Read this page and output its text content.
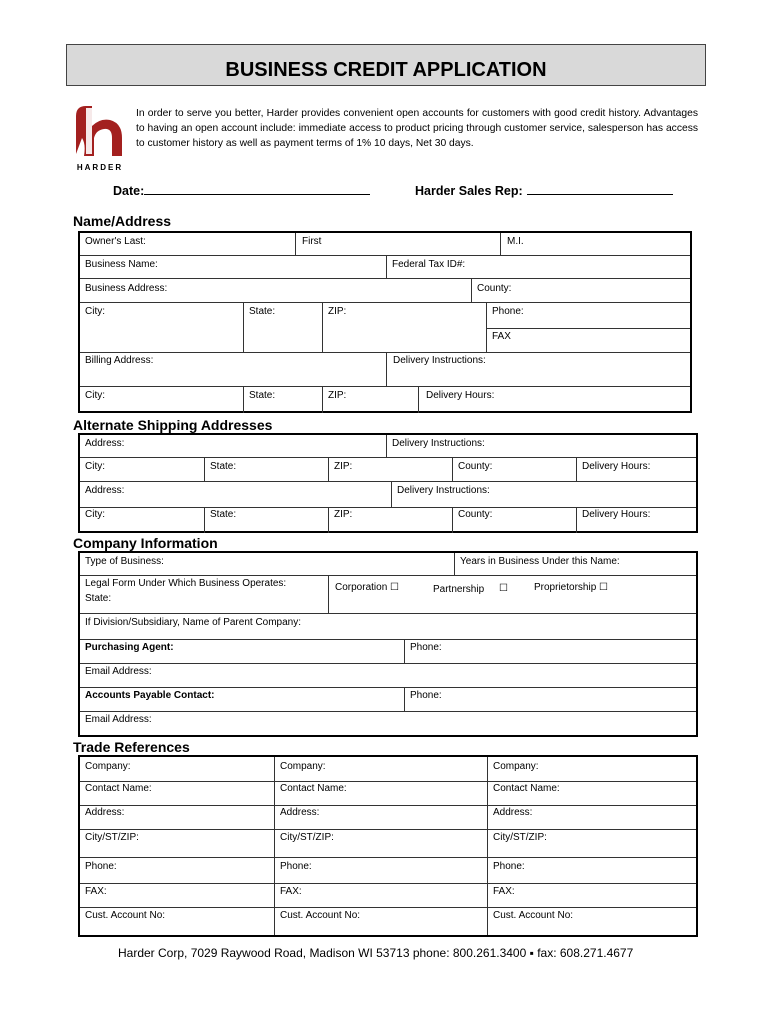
BUSINESS CREDIT APPLICATION
HARDER
In order to serve you better, Harder provides convenient open accounts for customers with good credit history. Advantages to having an open account include: immediate access to product pricing through customer service, salesperson has access to customer history as well as payment terms of 1% 10 days, Net 30 days.
Date:	Harder Sales Rep:
Name/Address
Owner's Last:	First	M.I.
Business Name:	Federal Tax ID#:
Business Address:	County:
City:	State:	ZIP:	Phone:
FAX
Billing Address:	Delivery Instructions:
City:	State:	ZIP:	Delivery Hours:
Alternate Shipping Addresses
Address:	Delivery Instructions:
City:	State:	ZIP:	County:	Delivery Hours:
Address:	Delivery Instructions:
City:	State:	ZIP:	County:	Delivery Hours:
Company Information
Type of Business:	Years in Business Under this Name:
Legal Form Under Which Business Operates:
State:
Corporation ☐	Partnership ☐	Proprietorship ☐
If Division/Subsidiary, Name of Parent Company:
Purchasing Agent:	Phone:
Email Address:
Accounts Payable Contact:	Phone:
Email Address:
Trade References
Company:	Company:	Company:
Contact Name:	Contact Name:	Contact Name:
Address:	Address:	Address:
City/ST/ZIP:	City/ST/ZIP:	City/ST/ZIP:
Phone:	Phone:	Phone:
FAX:	FAX:	FAX:
Cust. Account No:	Cust. Account No:	Cust. Account No:
Harder Corp, 7029 Raywood Road, Madison WI 53713 phone: 800.261.3400 ▪ fax: 608.271.4677
